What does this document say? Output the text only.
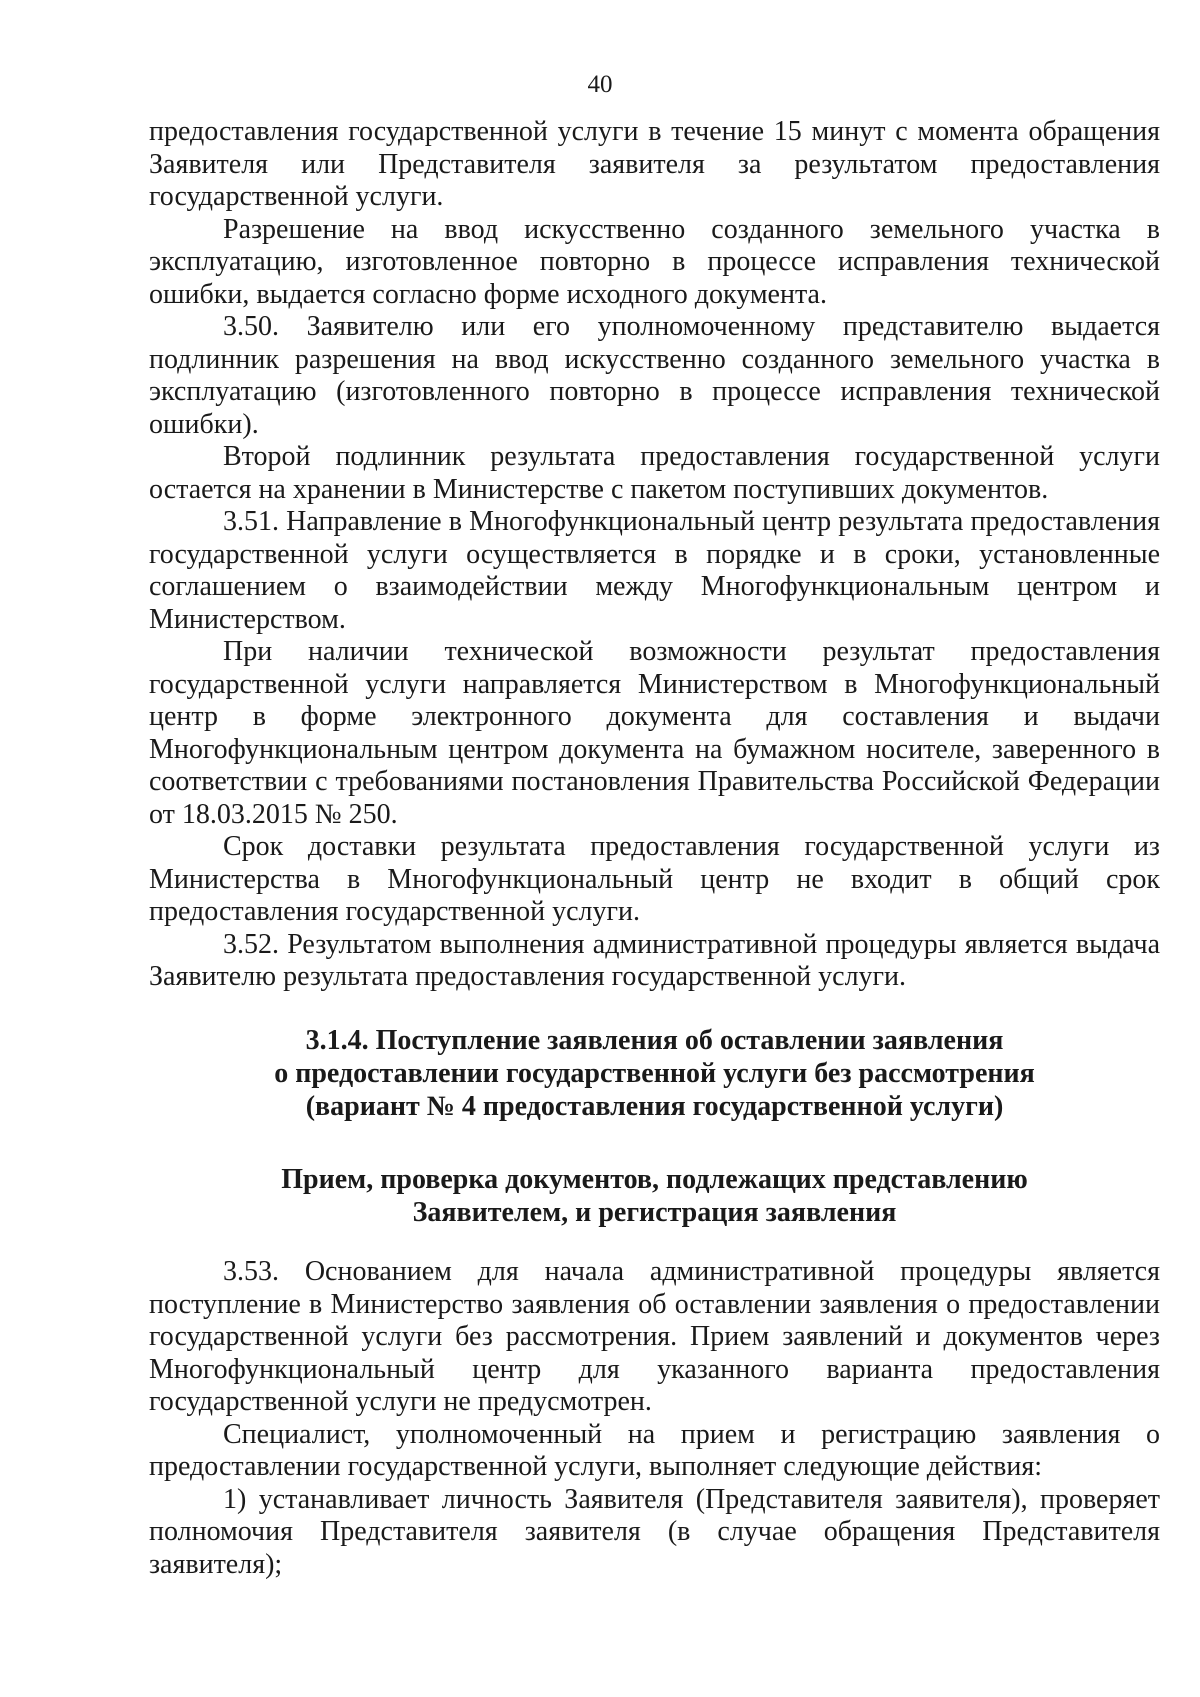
40

предоставления государственной услуги в течение 15 минут с момента обращения Заявителя или Представителя заявителя за результатом предоставления государственной услуги.

Разрешение на ввод искусственно созданного земельного участка в эксплуатацию, изготовленное повторно в процессе исправления технической ошибки, выдается согласно форме исходного документа.

3.50. Заявителю или его уполномоченному представителю выдается подлинник разрешения на ввод искусственно созданного земельного участка в эксплуатацию (изготовленного повторно в процессе исправления технической ошибки).

Второй подлинник результата предоставления государственной услуги остается на хранении в Министерстве с пакетом поступивших документов.

3.51. Направление в Многофункциональный центр результата предоставления государственной услуги осуществляется в порядке и в сроки, установленные соглашением о взаимодействии между Многофункциональным центром и Министерством.

При наличии технической возможности результат предоставления государственной услуги направляется Министерством в Многофункциональный центр в форме электронного документа для составления и выдачи Многофункциональным центром документа на бумажном носителе, заверенного в соответствии с требованиями постановления Правительства Российской Федерации от 18.03.2015 № 250.

Срок доставки результата предоставления государственной услуги из Министерства в Многофункциональный центр не входит в общий срок предоставления государственной услуги.

3.52. Результатом выполнения административной процедуры является выдача Заявителю результата предоставления государственной услуги.

3.1.4. Поступление заявления об оставлении заявления

о предоставлении государственной услуги без рассмотрения

(вариант № 4 предоставления государственной услуги)

Прием, проверка документов, подлежащих представлению

Заявителем, и регистрация заявления

3.53. Основанием для начала административной процедуры является поступление в Министерство заявления об оставлении заявления о предоставлении государственной услуги без рассмотрения. Прием заявлений и документов через Многофункциональный центр для указанного варианта предоставления государственной услуги не предусмотрен.

Специалист, уполномоченный на прием и регистрацию заявления о предоставлении государственной услуги, выполняет следующие действия:

1) устанавливает личность Заявителя (Представителя заявителя), проверяет полномочия Представителя заявителя (в случае обращения Представителя заявителя);
